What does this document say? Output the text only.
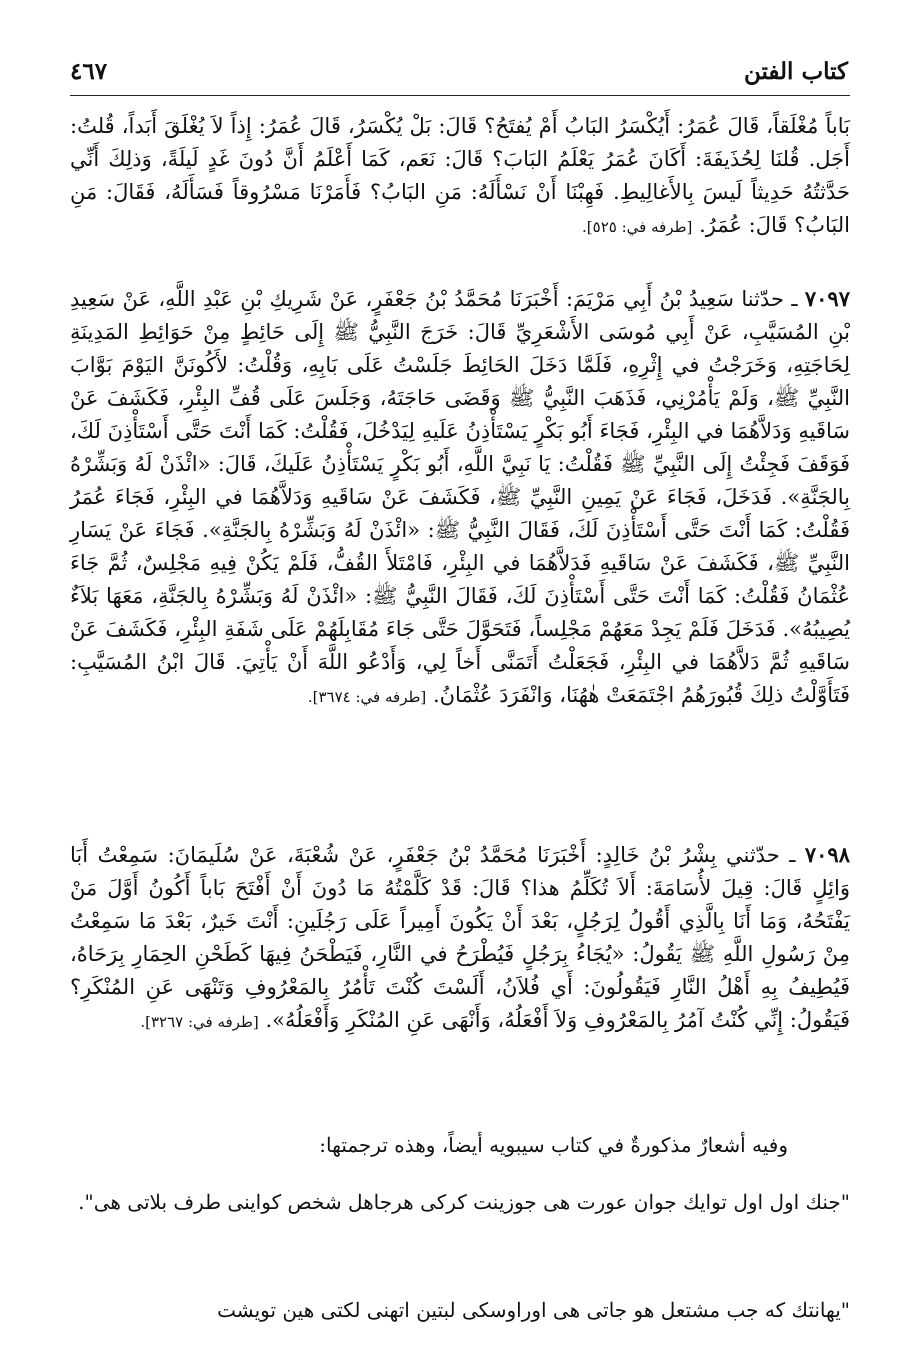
كتاب الفتن
٤٦٧
بَاباً مُغْلَقاً، قَالَ عُمَرُ: أَيُكْسَرُ البَابُ أَمْ يُفتَحُ؟ قَالَ: بَلْ يُكْسَرُ، قَالَ عُمَرُ: إِذاً لاَ يُغْلَقَ أَبَداً، قُلتُ: أَجَل. قُلنَا لِحُذَيفَةَ: أَكَانَ عُمَرُ يَعْلَمُ البَابَ؟ قَالَ: نَعَم، كَمَا أَعْلَمُ أَنَّ دُونَ غَدٍ لَيلَةً، وَذلِكَ أَنِّي حَدَّثتُهُ حَدِيثاً لَيسَ بِالأَغالِيطِ. فَهِبْنَا أَنْ نَسْأَلَهُ: مَنِ البَابُ؟ فَأَمَرْنَا مَسْرُوقاً فَسَأَلَهُ، فَقَالَ: مَنِ البَابُ؟ قَالَ: عُمَرُ. [طرفه في: ٥٢٥].
٧٠٩٧ ـ حدّثنا سَعِيدُ بْنُ أَبِي مَرْيَمَ: أَخْبَرَنَا مُحَمَّدُ بْنُ جَعْفَرٍ، عَنْ شَرِيكِ بْنِ عَبْدِ اللَّهِ، عَنْ سَعِيدِ بْنِ المُسَيَّبِ، عَنْ أَبِي مُوسَى الأَشْعَرِيِّ قَالَ: خَرَجَ النَّبِيُّ ﷺ إِلَى حَائِطٍ مِنْ حَوَائِطِ المَدِينَةِ لِحَاجَتِهِ، وَخَرَجْتُ في إِثْرِهِ، فَلَمَّا دَخَلَ الحَائِطَ جَلَسْتُ عَلَى بَابِهِ، وَقُلْتُ: لأَكُونَنَّ اليَوْمَ بَوَّابَ النَّبِيِّ ﷺ، وَلَمْ يَأْمُرْنِي، فَذَهَبَ النَّبِيُّ ﷺ وَقَضَى حَاجَتَهُ، وَجَلَسَ عَلَى قُفِّ البِئْرِ، فَكَشَفَ عَنْ سَاقَيهِ وَدَلاَّهُمَا في البِئْرِ، فَجَاءَ أَبُو بَكْرٍ يَسْتَأْذِنُ عَلَيهِ لِيَدْخُلَ، فَقُلْتُ: كَمَا أَنْتَ حَتَّى أَسْتَأْذِنَ لَكَ، فَوَقَفَ فَجِئْتُ إِلَى النَّبِيِّ ﷺ فَقُلْتُ: يَا نَبِيَّ اللَّهِ، أَبُو بَكْرٍ يَسْتَأْذِنُ عَلَيكَ، قَالَ: «ائْذَنْ لَهُ وَبَشِّرْهُ بِالجَنَّةِ». فَدَخَلَ، فَجَاءَ عَنْ يَمِينِ النَّبِيِّ ﷺ، فَكَشَفَ عَنْ سَاقَيهِ وَدَلاَّهُمَا في البِئْرِ، فَجَاءَ عُمَرُ فَقُلْتُ: كَمَا أَنْتَ حَتَّى أَسْتَأْذِنَ لَكَ، فَقَالَ النَّبِيُّ ﷺ: «ائْذَنْ لَهُ وَبَشِّرْهُ بِالجَنَّةِ». فَجَاءَ عَنْ يَسَارِ النَّبِيِّ ﷺ، فَكَشَفَ عَنْ سَاقَيهِ فَدَلاَّهُمَا في البِئْرِ، فَامْتَلأَ القُفُّ، فَلَمْ يَكُنْ فِيهِ مَجْلِسٌ، ثُمَّ جَاءَ عُثْمَانُ فَقُلْتُ: كَمَا أَنْتَ حَتَّى أَسْتَأْذِنَ لَكَ، فَقَالَ النَّبِيُّ ﷺ: «ائْذَنْ لَهُ وَبَشِّرْهُ بِالجَنَّةِ، مَعَهَا بَلاَءٌ يُصِيبُهُ». فَدَخَلَ فَلَمْ يَجِدْ مَعَهُمْ مَجْلِساً، فَتَحَوَّلَ حَتَّى جَاءَ مُقَابِلَهُمْ عَلَى شَفَةِ البِئْرِ، فَكَشَفَ عَنْ سَاقَيهِ ثُمَّ دَلاَّهُمَا في البِئْرِ، فَجَعَلْتُ أَتَمَنَّى أَخاً لِي، وَأَدْعُو اللَّهَ أَنْ يَأْتِيَ. قَالَ ابْنُ المُسَيَّبِ: فَتَأَوَّلْتُ ذلِكَ قُبُورَهُمُ اجْتَمَعَتْ هٰهُنَا، وَانْفَرَدَ عُثْمَانُ. [طرفه في: ٣٦٧٤].
٧٠٩٨ ـ حدّثني بِشْرُ بْنُ خَالِدٍ: أَخْبَرَنَا مُحَمَّدُ بْنُ جَعْفَرٍ، عَنْ شُعْبَةَ، عَنْ سُلَيمَانَ: سَمِعْتُ أَبَا وَائِلٍ قَالَ: قِيلَ لأُسَامَةَ: أَلاَ تُكَلِّمُ هذا؟ قَالَ: قَدْ كَلَّمْتُهُ مَا دُونَ أَنْ أَفْتَحَ بَاباً أَكُونُ أَوَّلَ مَنْ يَفْتَحُهُ، وَمَا أَنَا بِالَّذِي أَقُولُ لِرَجُلٍ، بَعْدَ أَنْ يَكُونَ أَمِيراً عَلَى رَجُلَينِ: أَنْتَ خَيرٌ، بَعْدَ مَا سَمِعْتُ مِنْ رَسُولِ اللَّهِ ﷺ يَقُولُ: «يُجَاءُ بِرَجُلٍ فَيُطْرَحُ في النَّارِ، فَيَطْحَنُ فِيهَا كَطَحْنِ الحِمَارِ بِرَحَاهُ، فَيُطِيفُ بِهِ أَهْلُ النَّارِ فَيَقُولُونَ: أَي فُلاَنُ، أَلَسْتَ كُنْتَ تَأْمُرُ بِالمَعْرُوفِ وَتَنْهَى عَنِ المُنْكَرِ؟ فَيَقُولُ: إِنِّي كُنْتُ آمُرُ بِالمَعْرُوفِ وَلاَ أَفْعَلُهُ، وَأَنْهَى عَنِ المُنْكَرِ وَأَفْعَلُهُ». [طرفه في: ٣٢٦٧].
وفيه أشعارٌ مذكورةٌ في كتاب سيبويه أيضاً، وهذه ترجمتها:
"جنك اول اول توايك جوان عورت هى جوزينت كركى هرجاهل شخص كواينى طرف بلاتى هى".
"يهانتك كه جب مشتعل هو جاتى هى اوراوسكى لبتين اتهنى لكتى هين تويشت
